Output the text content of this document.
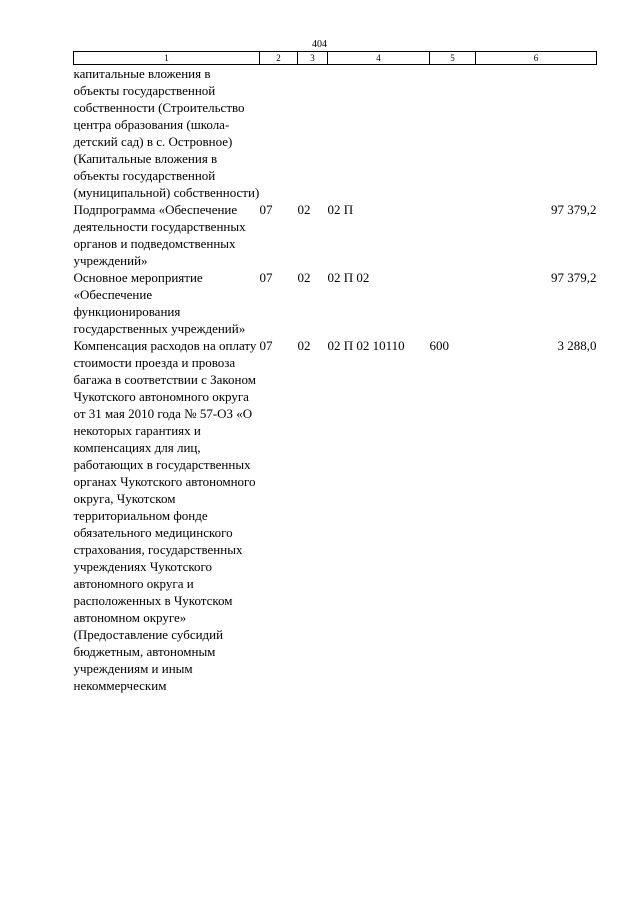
404
1	2	3	4	5	6
капитальные вложения в объекты государственной собственности (Строительство центра образования (школа-детский сад) в с. Островное) (Капитальные вложения в объекты государственной (муниципальной) собственности)					
Подпрограмма «Обеспечение деятельности государственных органов и подведомственных учреждений»	07	02	02 П		97 379,2
Основное мероприятие «Обеспечение функционирования государственных учреждений»	07	02	02 П 02		97 379,2
Компенсация расходов на оплату стоимости проезда и провоза багажа в соответствии с Законом Чукотского автономного округа от 31 мая 2010 года № 57-ОЗ «О некоторых гарантиях и компенсациях для лиц, работающих в государственных органах Чукотского автономного округа, Чукотском территориальном фонде обязательного медицинского страхования, государственных учреждениях Чукотского автономного округа и расположенных в Чукотском автономном округе» (Предоставление субсидий бюджетным, автономным учреждениям и иным некоммерческим	07	02	02 П 02 10110	600	3 288,0
